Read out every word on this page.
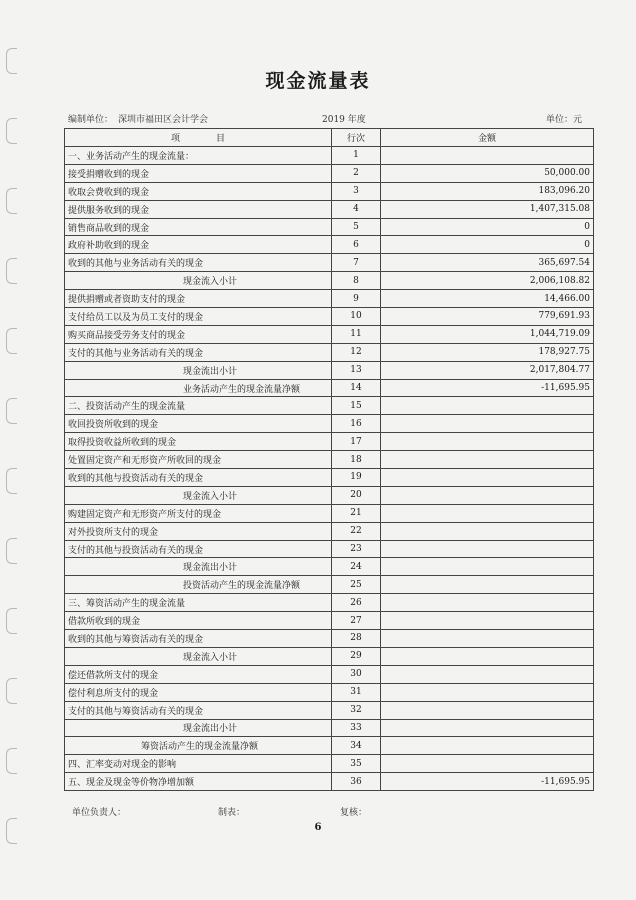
现金流量表
编制单位： 深圳市福田区会计学会	2019 年度	单位：元
项　　　　目	行次	金额
一、业务活动产生的现金流量：	1	
接受捐赠收到的现金	2	50,000.00
收取会费收到的现金	3	183,096.20
提供服务收到的现金	4	1,407,315.08
销售商品收到的现金	5	0
政府补助收到的现金	6	0
收到的其他与业务活动有关的现金	7	365,697.54
现金流入小计	8	2,006,108.82
提供捐赠或者资助支付的现金	9	14,466.00
支付给员工以及为员工支付的现金	10	779,691.93
购买商品接受劳务支付的现金	11	1,044,719.09
支付的其他与业务活动有关的现金	12	178,927.75
现金流出小计	13	2,017,804.77
业务活动产生的现金流量净额	14	-11,695.95
二、投资活动产生的现金流量	15	
收回投资所收到的现金	16	
取得投资收益所收到的现金	17	
处置固定资产和无形资产所收回的现金	18	
收到的其他与投资活动有关的现金	19	
现金流入小计	20	
购建固定资产和无形资产所支付的现金	21	
对外投资所支付的现金	22	
支付的其他与投资活动有关的现金	23	
现金流出小计	24	
投资活动产生的现金流量净额	25	
三、筹资活动产生的现金流量	26	
借款所收到的现金	27	
收到的其他与筹资活动有关的现金	28	
现金流入小计	29	
偿还借款所支付的现金	30	
偿付利息所支付的现金	31	
支付的其他与筹资活动有关的现金	32	
现金流出小计	33	
筹资活动产生的现金流量净额	34	
四、汇率变动对现金的影响	35	
五、现金及现金等价物净增加额	36	-11,695.95
单位负责人：	制表：	复核：
6
